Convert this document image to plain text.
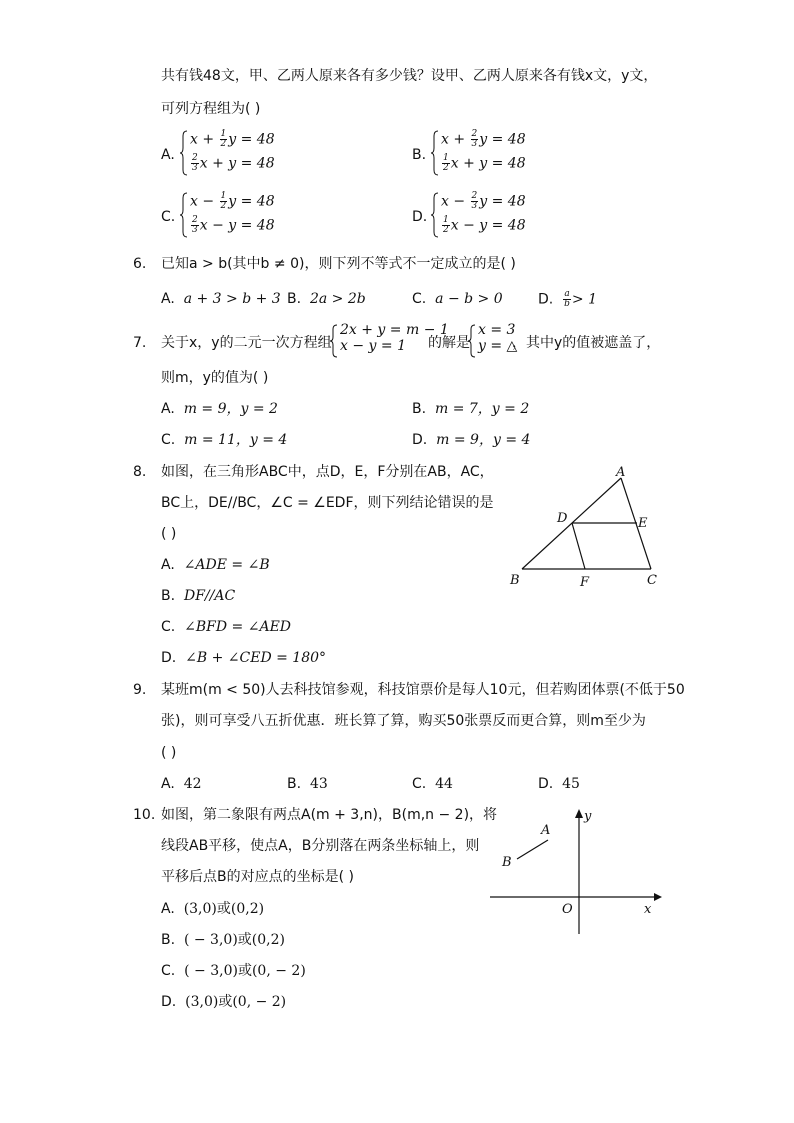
共有钱48文，甲、乙两人原来各有多少钱？设甲、乙两人原来各有钱x文，y文，
可列方程组为( )
A.
$x + \frac{1}{2}$ y = 48
$\frac{2}{3}$ x + y = 48
B.
$x + \frac{2}{3}$ y = 48
$\frac{1}{2}$ x + y = 48
C.
$x - \frac{1}{2}$ y = 48
$\frac{2}{3}$ x − y = 48
D.
$x - \frac{2}{3}$ y = 48
$\frac{1}{2}$ x − y = 48
6. 已知a > b(其中b ≠ 0)，则下列不等式不一定成立的是( )
A. a + 3 > b + 3 B. 2a > 2b	C. a − b > 0	D. $\frac{a}{b} > 1$
7. 关于x，y的二元一次方程组
2x + y = m − 1
x − y = 1 的解是
x = 3
y = △
，其中y的值被遮盖了，
则m，y的值为( )
A. m = 9，y = 2	B. m = 7，y = 2
C. m = 11，y = 4	D. m = 9，y = 4
8. 如图，在三角形ABC中，点D，E，F分别在AB，AC，
BC上，DE//BC，∠C = ∠EDF，则下列结论错误的是
( )
A. ∠ADE = ∠B
B. DF//AC
C. ∠BFD = ∠AED
D. ∠B + ∠CED = 180°
A
B	C
D	E
F
9. 某班m(m < 50)人去科技馆参观，科技馆票价是每人10元，但若购团体票(不低于50
张)，则可享受八五折优惠．班长算了算，购买50张票反而更合算，则m至少为
( )
A. 42	B. 43	C. 44	D. 45
10. 如图，第二象限有两点A(m + 3,n)，B(m,n − 2)，将
线段AB平移，使点A，B分别落在两条坐标轴上，则
平移后点B的对应点的坐标是( )
A. (3,0)或(0,2)
B. ( − 3,0)或(0,2)
C. ( − 3,0)或(0, − 2)
D. (3,0)或(0, − 2)
A
B
O	x
y
